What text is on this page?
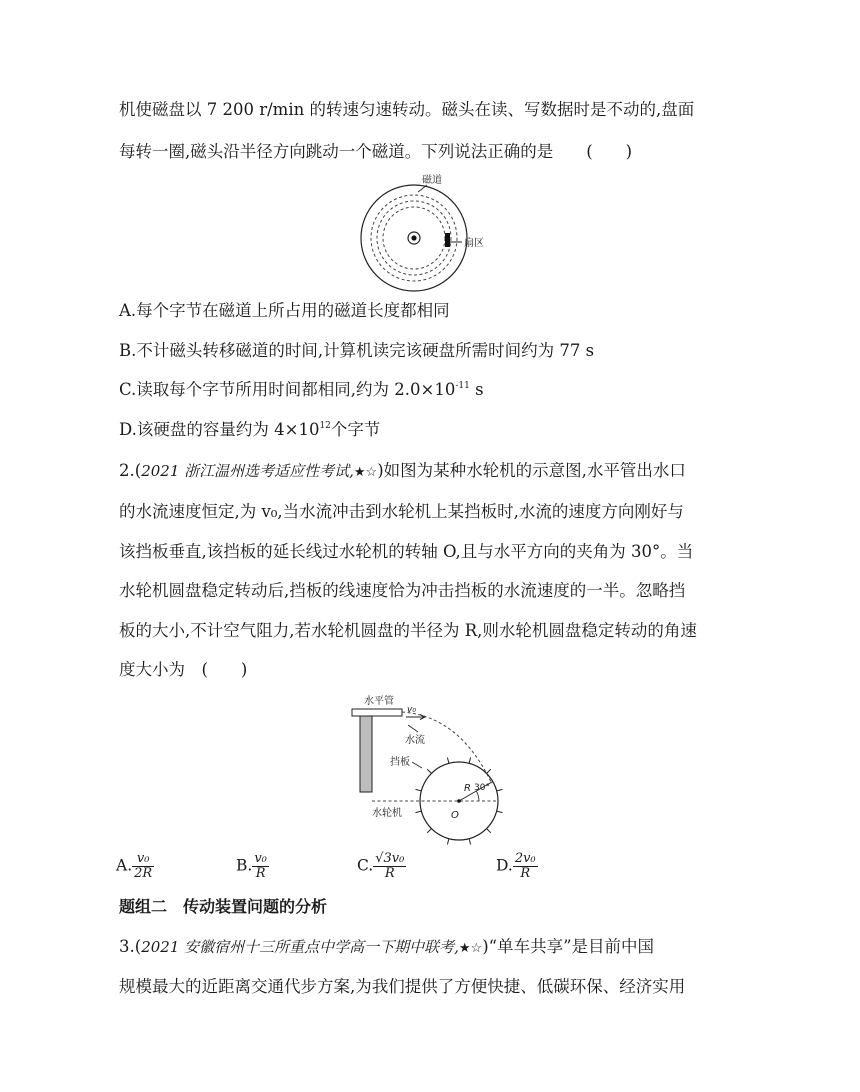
机使磁盘以 7 200 r/min 的转速匀速转动。磁头在读、写数据时是不动的,盘面
每转一圈,磁头沿半径方向跳动一个磁道。下列说法正确的是　　(　　)
磁道
扇区
A.每个字节在磁道上所占用的磁道长度都相同
B.不计磁头转移磁道的时间,计算机读完该硬盘所需时间约为 77 s
C.读取每个字节所用时间都相同,约为 $2.0\times 10^{-11}$ s
D.该硬盘的容量约为 $4\times 10^{12}$个字节
2.(2021 浙江温州选考适应性考试,★☆)如图为某种水轮机的示意图,水平管出水口
的水流速度恒定,为 v₀,当水流冲击到水轮机上某挡板时,水流的速度方向刚好与
该挡板垂直,该挡板的延长线过水轮机的转轴 O,且与水平方向的夹角为 30°。当
水轮机圆盘稳定转动后,挡板的线速度恰为冲击挡板的水流速度的一半。忽略挡
板的大小,不计空气阻力,若水轮机圆盘的半径为 R,则水轮机圆盘稳定转动的角速
度大小为　(　　)
水平管
v₀
水流
挡板
R 30°
O
水轮机
A. $\frac{\text{v₀}}{2R}$	B. $\frac{\text{v₀}}{R}$	C. $\frac{\text{√3v₀}}{R}$	D. $\frac{\text{2v₀}}{R}$
题组二　传动装置问题的分析
3.(2021 安徽宿州十三所重点中学高一下期中联考,★☆)“单车共享”是目前中国
规模最大的近距离交通代步方案,为我们提供了方便快捷、低碳环保、经济实用
